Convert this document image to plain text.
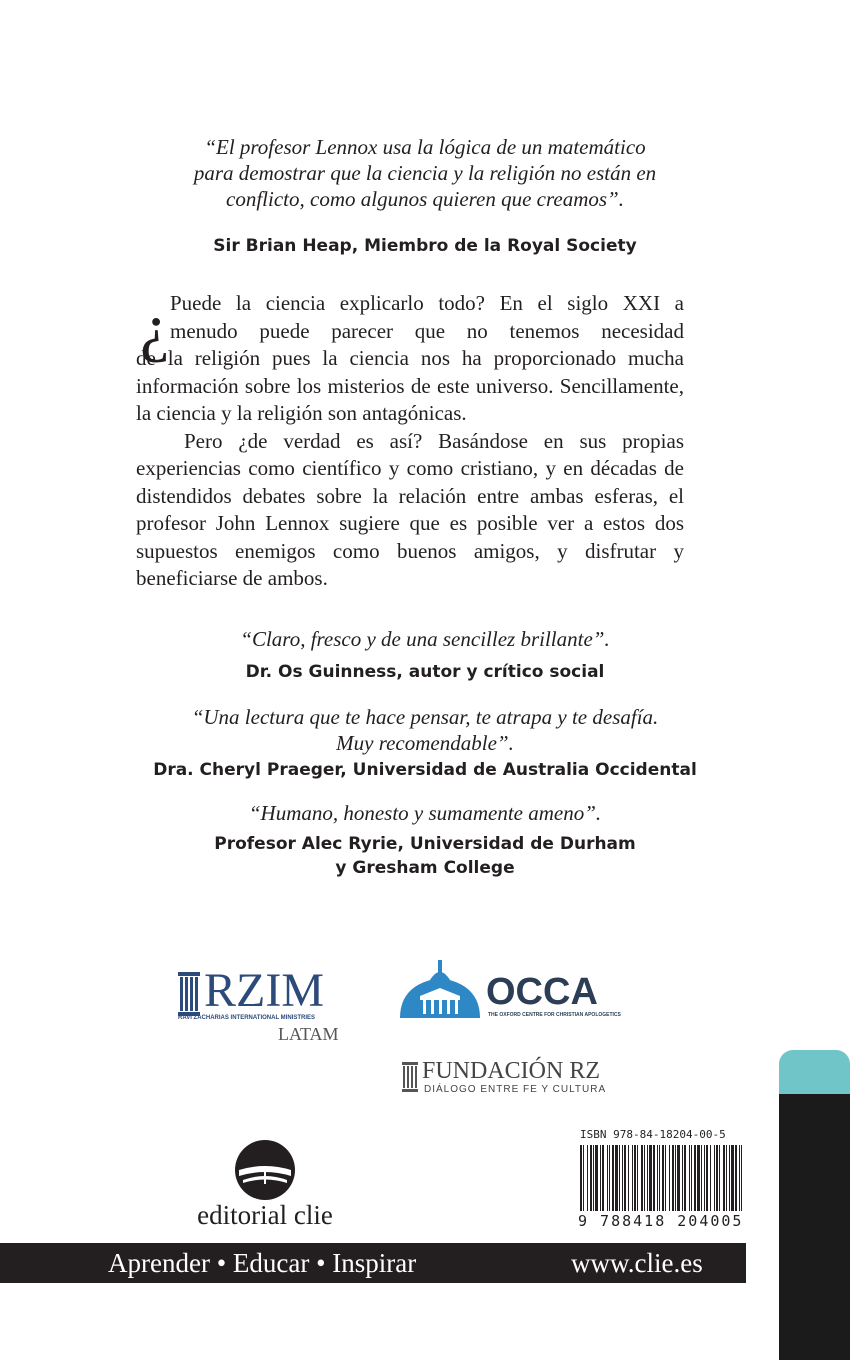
“El profesor Lennox usa la lógica de un matemático
para demostrar que la ciencia y la religión no están en
conflicto, como algunos quieren que creamos”.
Sir Brian Heap, Miembro de la Royal Society
¿ Puede la ciencia explicarlo todo? En el siglo XXI a

menudo puede parecer que no tenemos necesidad

de la religión pues la ciencia nos ha proporcionado mucha información sobre los misterios de este universo. Sencillamente, la ciencia y la religión son antagónicas.

Pero ¿de verdad es así? Basándose en sus propias experiencias como científico y como cristiano, y en décadas de distendidos debates sobre la relación entre ambas esferas, el profesor John Lennox sugiere que es posible ver a estos dos supuestos enemigos como buenos amigos, y disfrutar y beneficiarse de ambos.

“Claro, fresco y de una sencillez brillante”.
Dr. Os Guinness, autor y crítico social
“Una lectura que te hace pensar, te atrapa y te desafía.
Muy recomendable”.
Dra. Cheryl Praeger, Universidad de Australia Occidental
“Humano, honesto y sumamente ameno”.
Profesor Alec Ryrie, Universidad de Durham
y Gresham College
RZIM
RAVI ZACHARIAS INTERNATIONAL MINISTRIES
LATAM
OCCA
THE OXFORD CENTRE FOR CHRISTIAN APOLOGETICS
FUNDACIÓN RZ
DIÁLOGO ENTRE FE Y CULTURA
editorial clie
ISBN 978-84-18204-00-5
9 788418 204005
Aprender • Educar • Inspirar	www.clie.es
